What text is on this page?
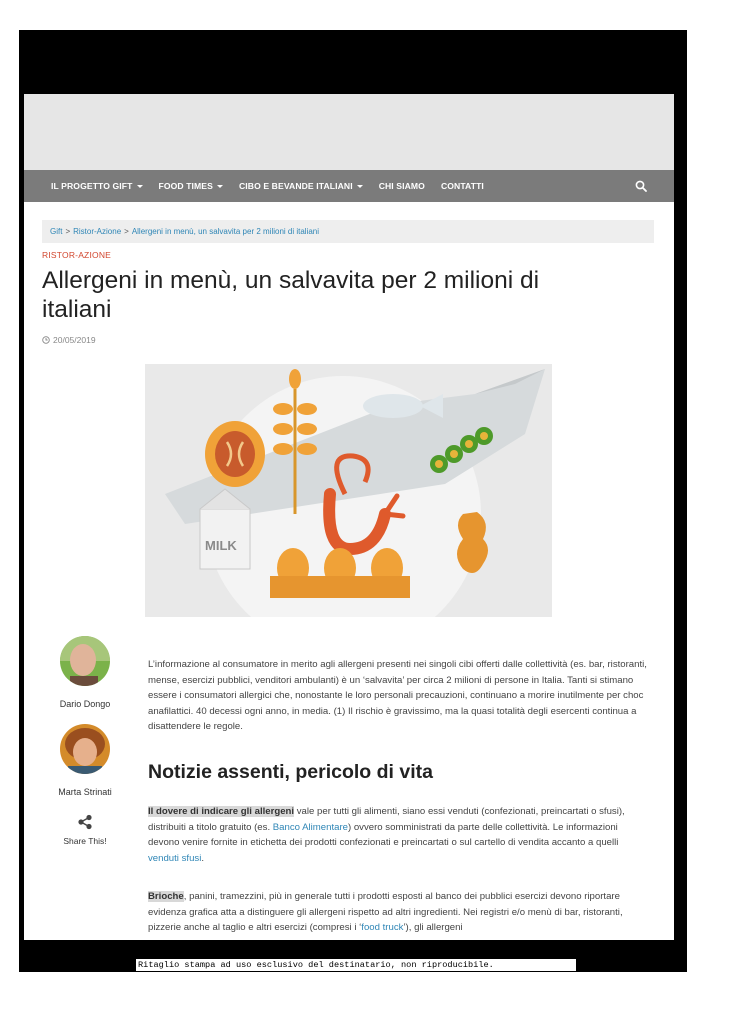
IL PROGETTO GIFT	FOOD TIMES	CIBO E BEVANDE ITALIANI	CHI SIAMO CONTATTI
Gift > Ristor-Azione > Allergeni in menù, un salvavita per 2 milioni di italiani
RISTOR-AZIONE
Allergeni in menù, un salvavita per 2 milioni di italiani
20/05/2019
MILK
Dario Dongo
Marta Strinati
Share This!

L’informazione al consumatore in merito agli allergeni presenti nei singoli cibi offerti dalle collettività (es. bar, ristoranti, mense, esercizi pubblici, venditori ambulanti) è un ‘salvavita’ per circa 2 milioni di persone in Italia. Tanti si stimano essere i consumatori allergici che, nonostante le loro personali precauzioni, continuano a morire inutilmente per choc anafilattici. 40 decessi ogni anno, in media. (1) Il rischio è gravissimo, ma la quasi totalità degli esercenti continua a disattendere le regole.

Notizie assenti, pericolo di vita

Il dovere di indicare gli allergeni vale per tutti gli alimenti, siano essi venduti (confezionati, preincartati o sfusi), distribuiti a titolo gratuito (es. Banco Alimentare) ovvero somministrati da parte delle collettività. Le informazioni devono venire fornite in etichetta dei prodotti confezionati e preincartati o sul cartello di vendita accanto a quelli venduti sfusi.

Brioche, panini, tramezzini, più in generale tutti i prodotti esposti al banco dei pubblici esercizi devono riportare evidenza grafica atta a distinguere gli allergeni rispetto ad altri ingredienti. Nei registri e/o menù di bar, ristoranti, pizzerie anche al taglio e altri esercizi (compresi i ‘food truck’), gli allergeni

Ritaglio stampa ad uso esclusivo del destinatario, non riproducibile.
